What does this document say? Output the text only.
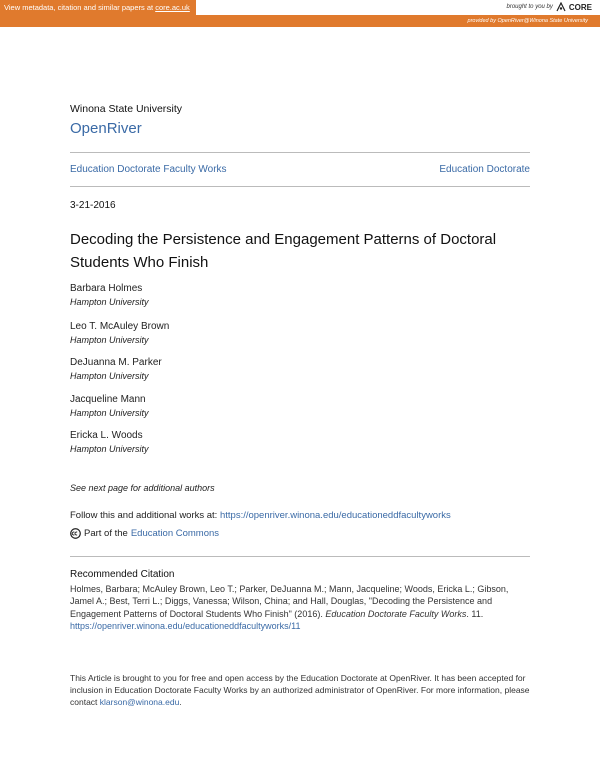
View metadata, citation and similar papers at core.ac.uk	brought to you by CORE
provided by OpenRiver@Winona State University
Winona State University
OpenRiver
Education Doctorate Faculty Works	Education Doctorate
3-21-2016
Decoding the Persistence and Engagement Patterns of Doctoral Students Who Finish
Barbara Holmes
Hampton University
Leo T. McAuley Brown
Hampton University
DeJuanna M. Parker
Hampton University
Jacqueline Mann
Hampton University
Ericka L. Woods
Hampton University
See next page for additional authors
Follow this and additional works at: https://openriver.winona.edu/educationeddfacultyworks
Part of the Education Commons
Recommended Citation
Holmes, Barbara; McAuley Brown, Leo T.; Parker, DeJuanna M.; Mann, Jacqueline; Woods, Ericka L.; Gibson, Jamel A.; Best, Terri L.; Diggs, Vanessa; Wilson, China; and Hall, Douglas, "Decoding the Persistence and Engagement Patterns of Doctoral Students Who Finish" (2016). Education Doctorate Faculty Works. 11.
https://openriver.winona.edu/educationeddfacultyworks/11
This Article is brought to you for free and open access by the Education Doctorate at OpenRiver. It has been accepted for inclusion in Education Doctorate Faculty Works by an authorized administrator of OpenRiver. For more information, please contact klarson@winona.edu.
